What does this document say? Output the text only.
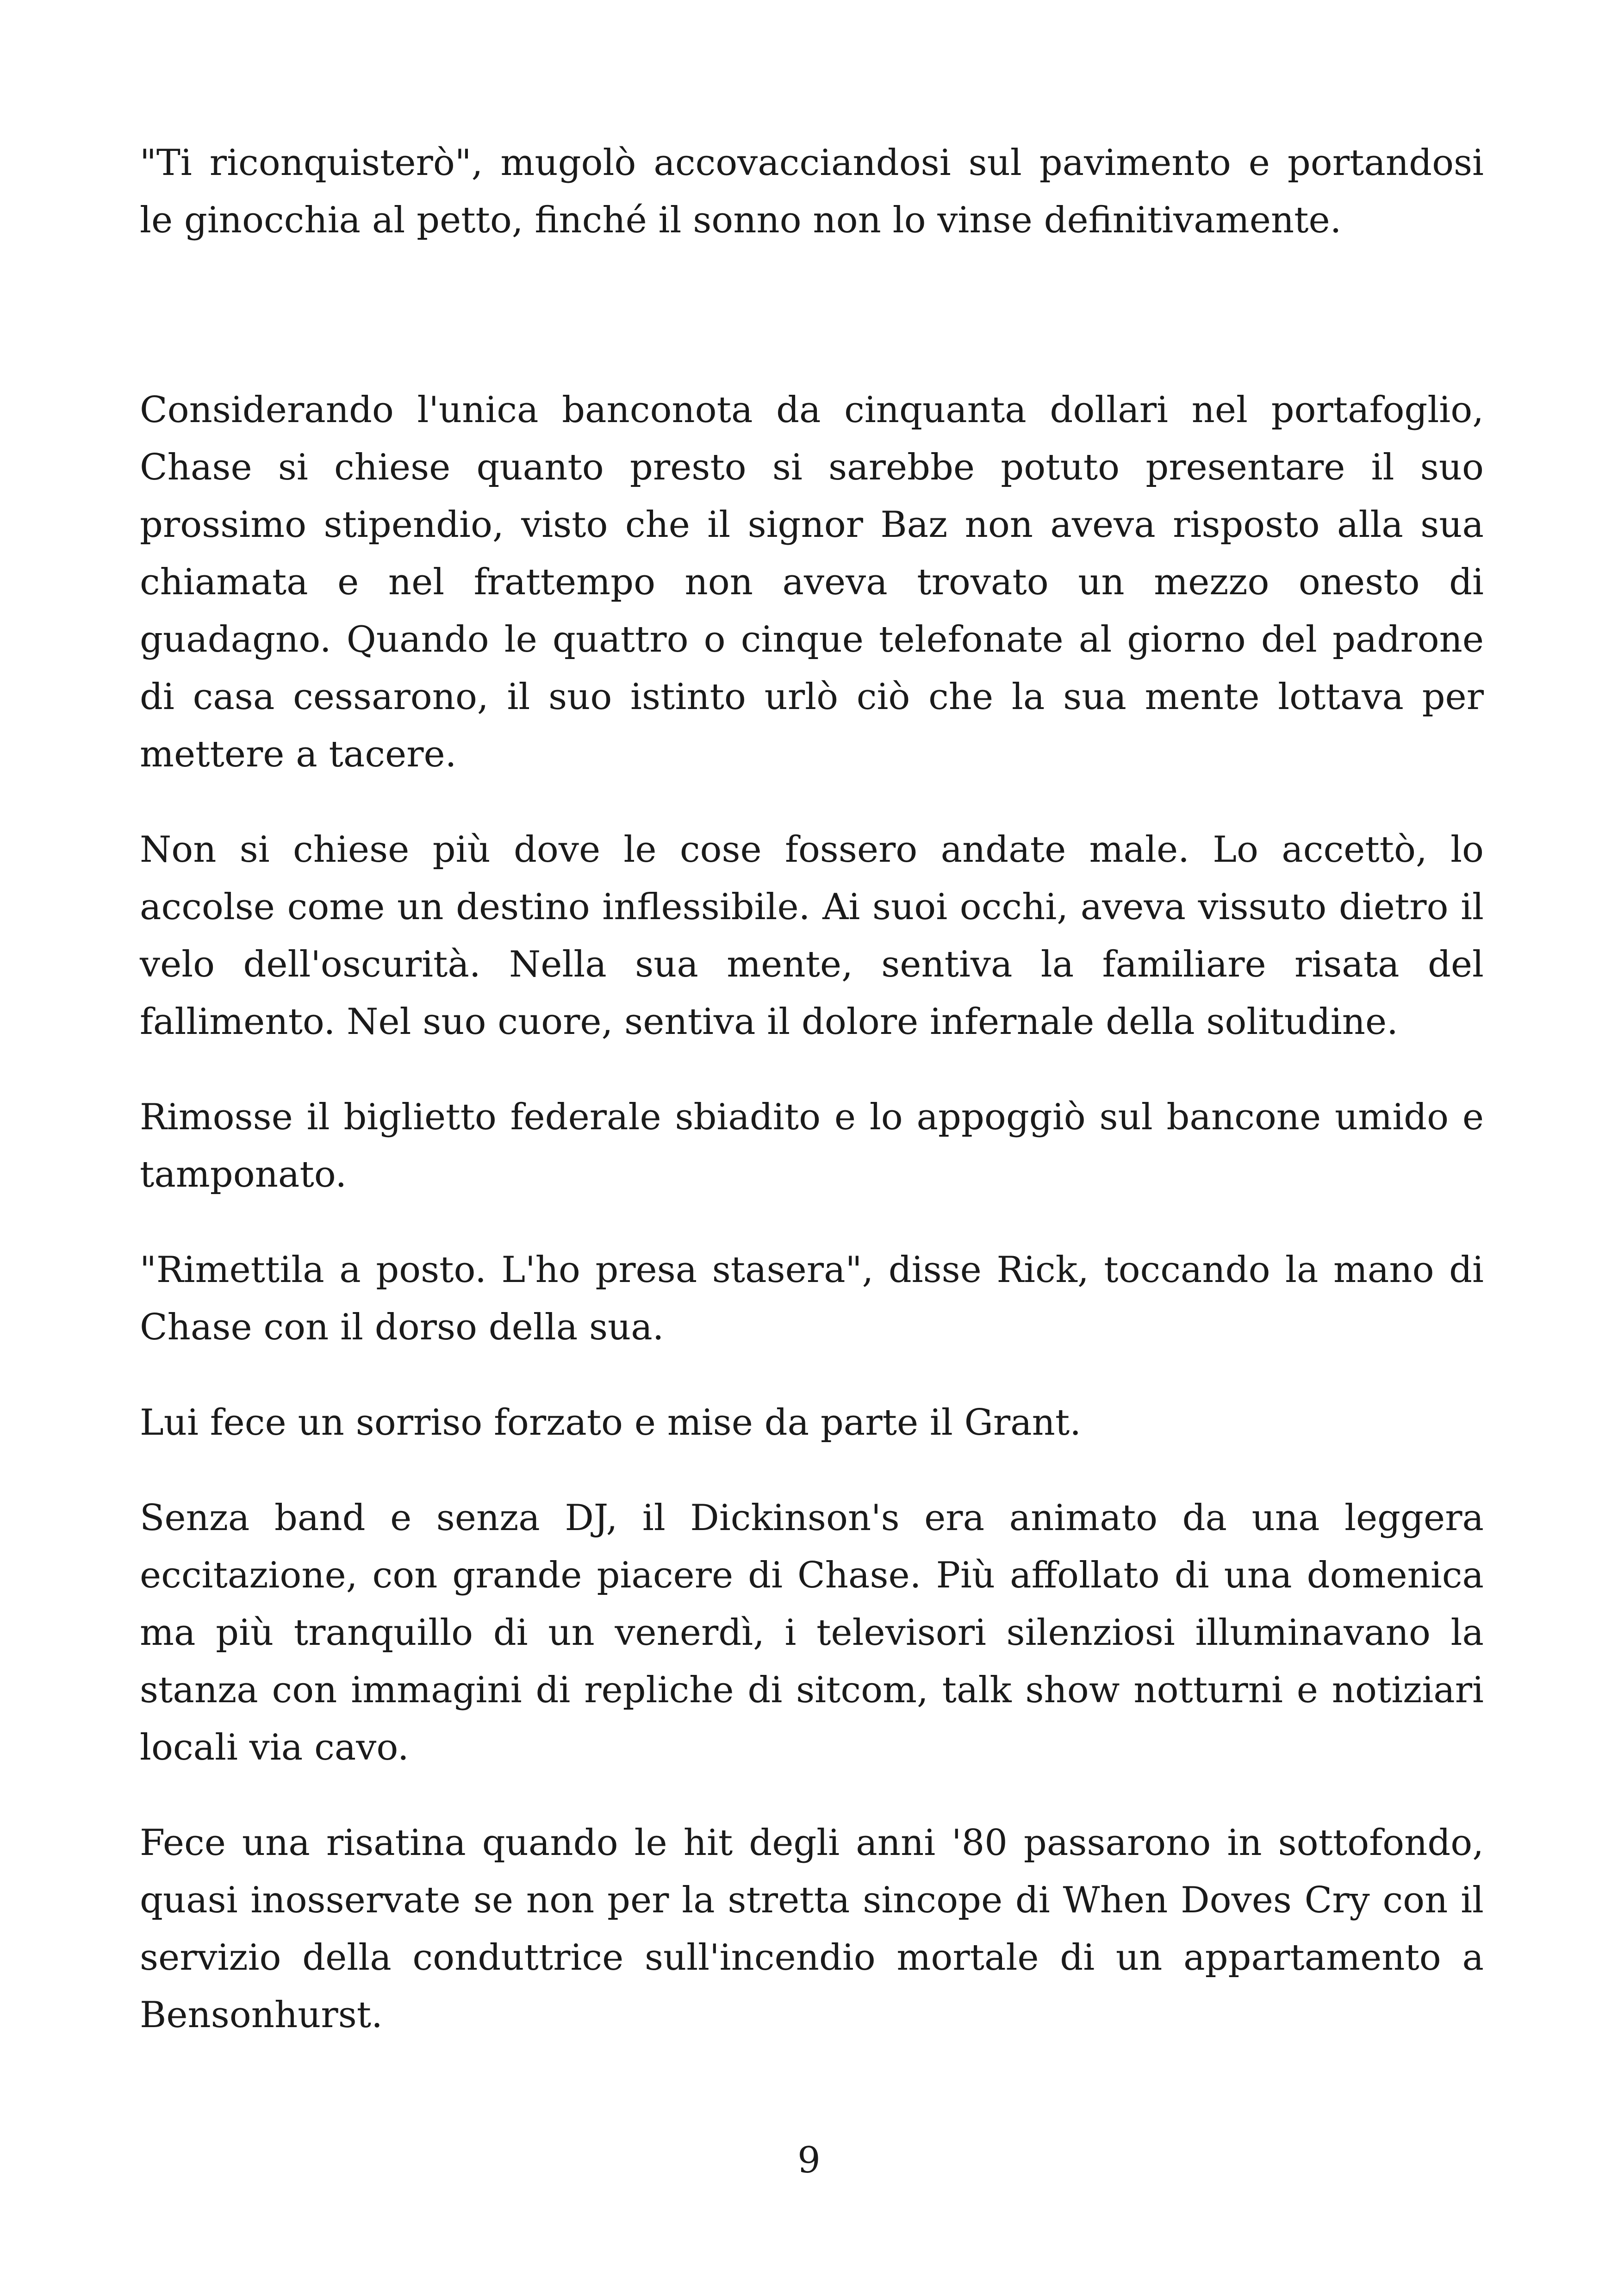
"Ti riconquisterò", mugolò accovacciandosi sul pavimento e portandosi le ginocchia al petto, finché il sonno non lo vinse definitivamente.

Considerando l'unica banconota da cinquanta dollari nel portafoglio, Chase si chiese quanto presto si sarebbe potuto presentare il suo prossimo stipendio, visto che il signor Baz non aveva risposto alla sua chiamata e nel frattempo non aveva trovato un mezzo onesto di guadagno. Quando le quattro o cinque telefonate al giorno del padrone di casa cessarono, il suo istinto urlò ciò che la sua mente lottava per mettere a tacere.

Non si chiese più dove le cose fossero andate male. Lo accettò, lo accolse come un destino inflessibile. Ai suoi occhi, aveva vissuto dietro il velo dell'oscurità. Nella sua mente, sentiva la familiare risata del fallimento. Nel suo cuore, sentiva il dolore infernale della solitudine.

Rimosse il biglietto federale sbiadito e lo appoggiò sul bancone umido e tamponato.

"Rimettila a posto. L'ho presa stasera", disse Rick, toccando la mano di Chase con il dorso della sua.

Lui fece un sorriso forzato e mise da parte il Grant.

Senza band e senza DJ, il Dickinson's era animato da una leggera eccitazione, con grande piacere di Chase. Più affollato di una domenica ma più tranquillo di un venerdì, i televisori silenziosi illuminavano la stanza con immagini di repliche di sitcom, talk show notturni e notiziari locali via cavo.

Fece una risatina quando le hit degli anni '80 passarono in sottofondo, quasi inosservate se non per la stretta sincope di When Doves Cry con il servizio della conduttrice sull'incendio mortale di un appartamento a Bensonhurst.

9
